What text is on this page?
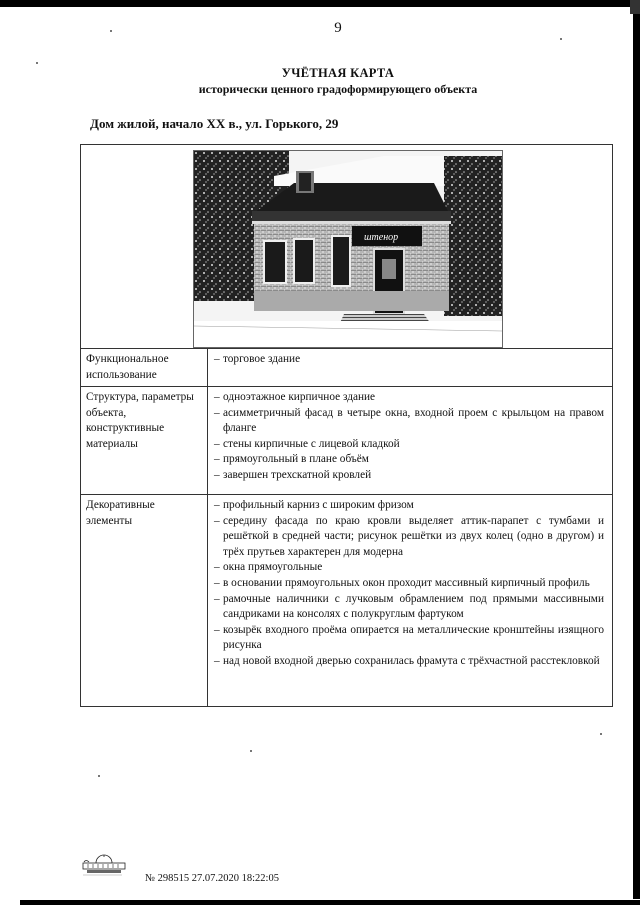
9
УЧЁТНАЯ КАРТА
исторически ценного градоформирующего объекта
Дом жилой, начало XX в., ул. Горького, 29
штенор	

Функциональное использование	
– торговое здание

Структура, параметры объекта, конструктивные материалы	
– одноэтажное кирпичное здание
– асимметричный фасад в четыре окна, входной проем с крыльцом на правом фланге
– стены кирпичные с лицевой кладкой
– прямоугольный в плане объём
– завершен трехскатной кровлей

Декоративные элементы	
– профильный карниз с широким фризом
– середину фасада по краю кровли выделяет аттик-парапет с тумбами и решёткой в средней части; рисунок решётки из двух колец (одно в другом) и трёх прутьев характерен для модерна
– окна прямоугольные
– в основании прямоугольных окон проходит массивный кирпичный профиль
– рамочные наличники с лучковым обрамлением под прямыми массивными сандриками на консолях с полукруглым фартуком
– козырёк входного проёма опирается на металлические кронштейны изящного рисунка
– над новой входной дверью сохранилась фрамута с трёхчастной расстекловкой
№ 298515 27.07.2020 18:22:05
